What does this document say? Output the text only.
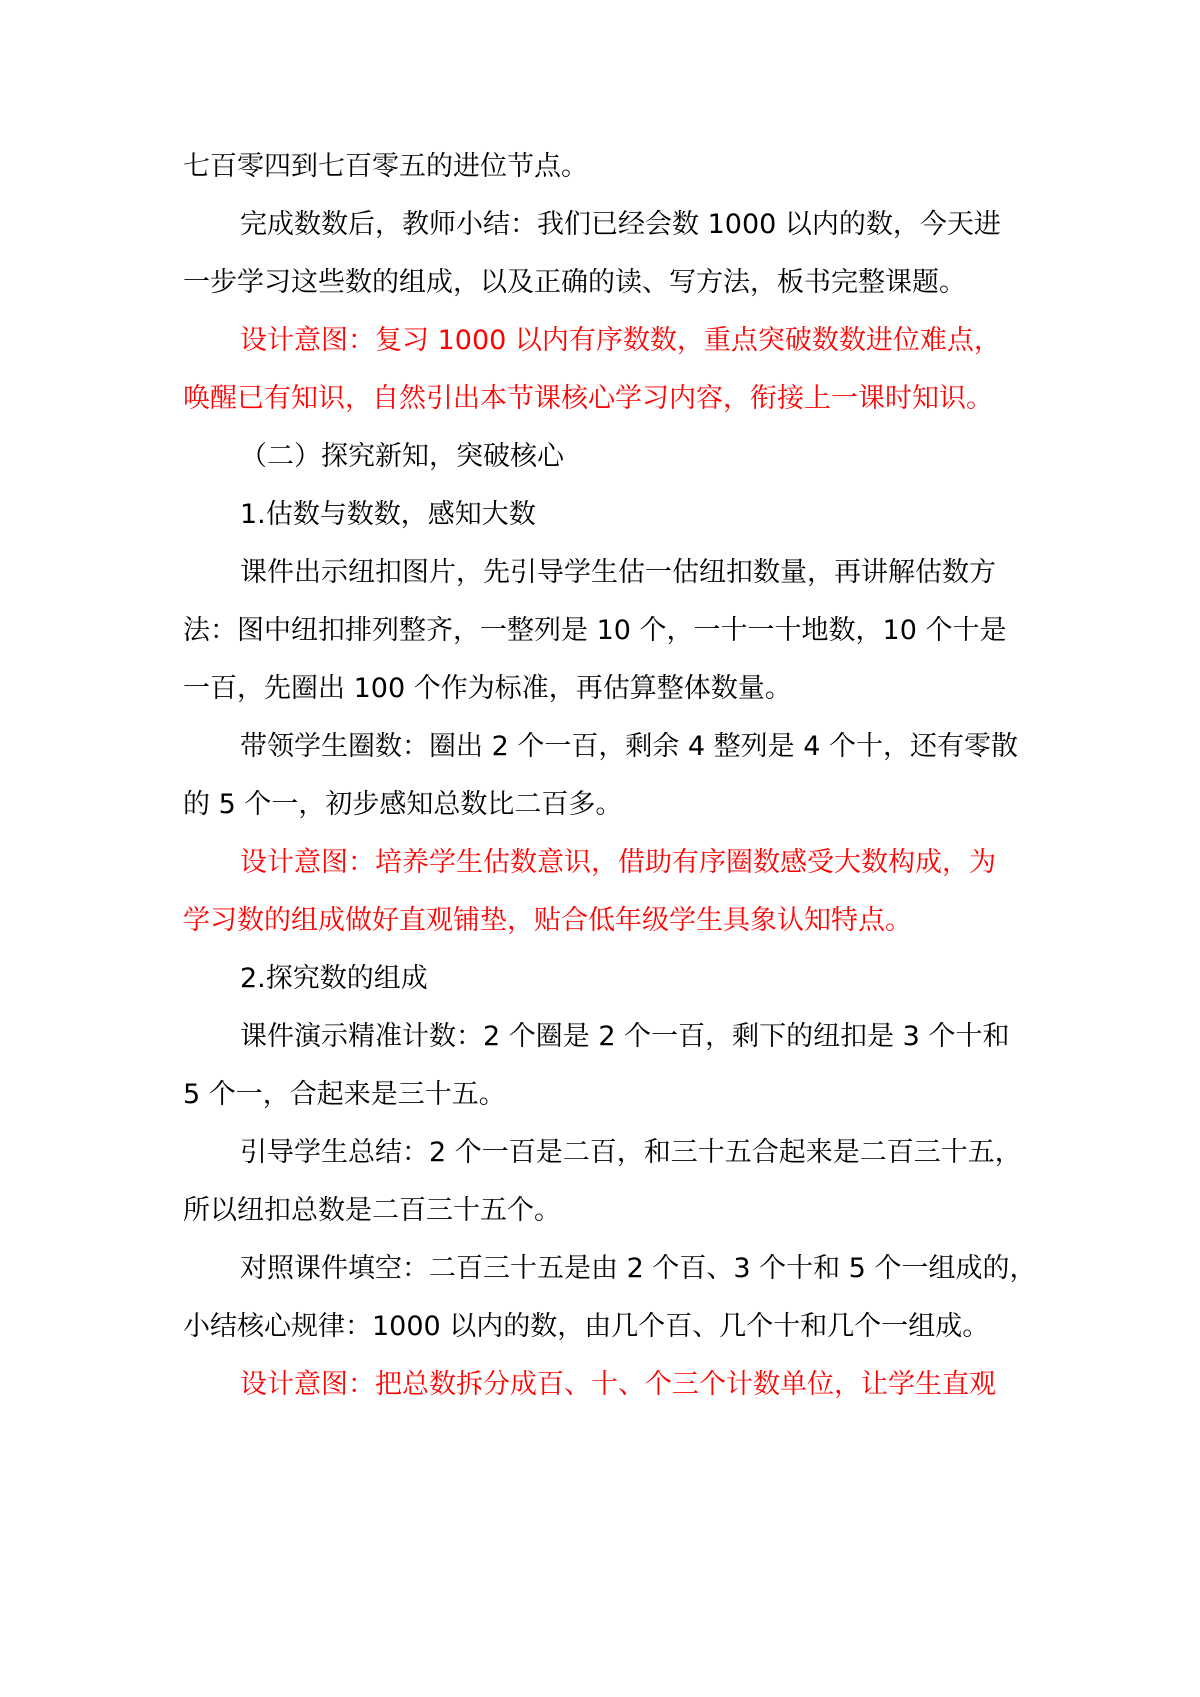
七百零四到七百零五的进位节点。
完成数数后，教师小结：我们已经会数 1000 以内的数，今天进
一步学习这些数的组成，以及正确的读、写方法，板书完整课题。
设计意图：复习 1000 以内有序数数，重点突破数数进位难点，
唤醒已有知识，自然引出本节课核心学习内容，衔接上一课时知识。
（二）探究新知，突破核心
1.估数与数数，感知大数
课件出示纽扣图片，先引导学生估一估纽扣数量，再讲解估数方
法：图中纽扣排列整齐，一整列是 10 个，一十一十地数，10 个十是
一百，先圈出 100 个作为标准，再估算整体数量。
带领学生圈数：圈出 2 个一百，剩余 4 整列是 4 个十，还有零散
的 5 个一，初步感知总数比二百多。
设计意图：培养学生估数意识，借助有序圈数感受大数构成，为
学习数的组成做好直观铺垫，贴合低年级学生具象认知特点。
2.探究数的组成
课件演示精准计数：2 个圈是 2 个一百，剩下的纽扣是 3 个十和
5 个一，合起来是三十五。
引导学生总结：2 个一百是二百，和三十五合起来是二百三十五，
所以纽扣总数是二百三十五个。
对照课件填空：二百三十五是由 2 个百、3 个十和 5 个一组成的，
小结核心规律：1000 以内的数，由几个百、几个十和几个一组成。
设计意图：把总数拆分成百、十、个三个计数单位，让学生直观
